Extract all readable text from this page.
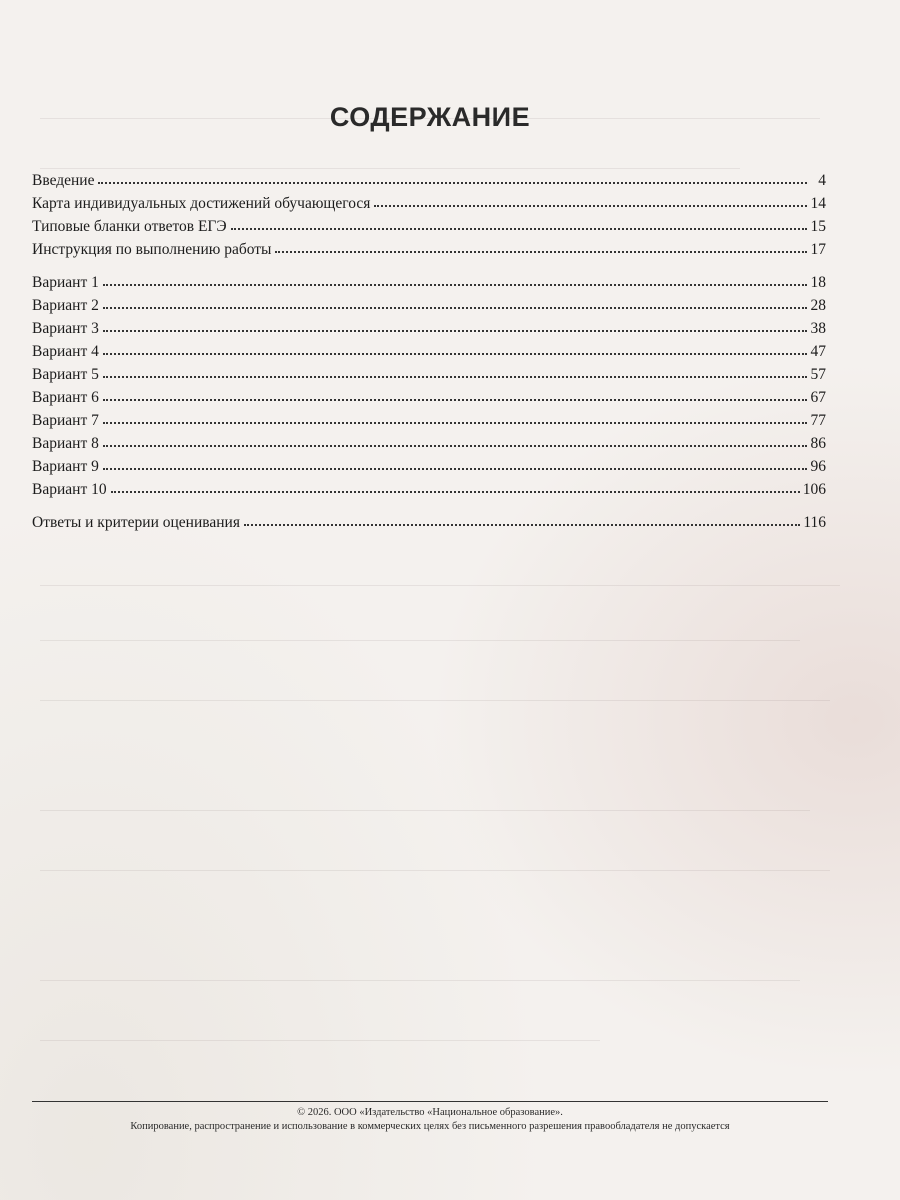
СОДЕРЖАНИЕ
Введение	4
Карта индивидуальных достижений обучающегося	14
Типовые бланки ответов ЕГЭ	15
Инструкция по выполнению работы	17
Вариант 1	18
Вариант 2	28
Вариант 3	38
Вариант 4	47
Вариант 5	57
Вариант 6	67
Вариант 7	77
Вариант 8	86
Вариант 9	96
Вариант 10	106
Ответы и критерии оценивания	116
© 2026. ООО «Издательство «Национальное образование».
Копирование, распространение и использование в коммерческих целях без письменного разрешения правообладателя не допускается
